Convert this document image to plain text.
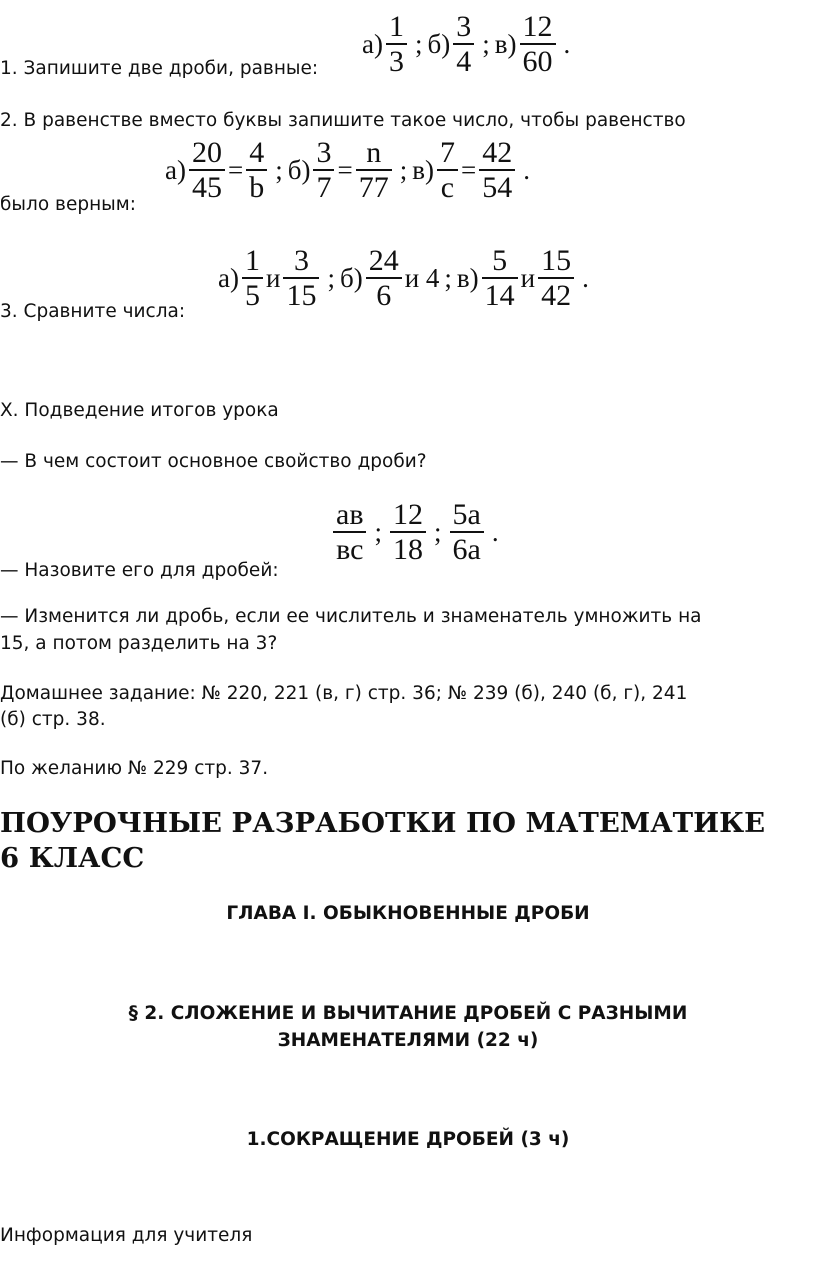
1. Запишите две дроби, равные:
$а) \frac{1}{3}$ ; $б) \frac{3}{4}$ ; $в) \frac{12}{60}$ .
2. В равенстве вместо буквы запишите такое число, чтобы равенство
$а) \frac{20}{45} = \frac{4}{b}$ ; $б) \frac{3}{7} = \frac{n}{77}$ ; $в) \frac{7}{c} = \frac{42}{54}$ .
было верным:
$а) \frac{1}{5}$ и $\frac{3}{15}$ ; $б) \frac{24}{6}$ и
4 ; $в) \frac{5}{14}$ и $\frac{15}{42}$ .
3. Сравните числа:
X. Подведение итогов урока
— В чем состоит основное свойство дроби?
$\frac{ав}{вс}$ ; $\frac{12}{18}$ ; $\frac{5а}{6а}$ .
— Назовите его для дробей:
— Изменится ли дробь, если ее числитель и знаменатель умножить на
15, а потом разделить на 3?
Домашнее задание: № 220, 221 (в, г) стр. 36; № 239 (б), 240 (б, г), 241
(б) стр. 38.
По желанию № 229 стр. 37.
ПОУРОЧНЫЕ РАЗРАБОТКИ ПО МАТЕМАТИКЕ
6 КЛАСС
ГЛАВА I. ОБЫКНОВЕННЫЕ ДРОБИ
§ 2. СЛОЖЕНИЕ И ВЫЧИТАНИЕ ДРОБЕЙ С РАЗНЫМИ
ЗНАМЕНАТЕЛЯМИ (22 ч)
1.СОКРАЩЕНИЕ ДРОБЕЙ (3 ч)
Информация для учителя
